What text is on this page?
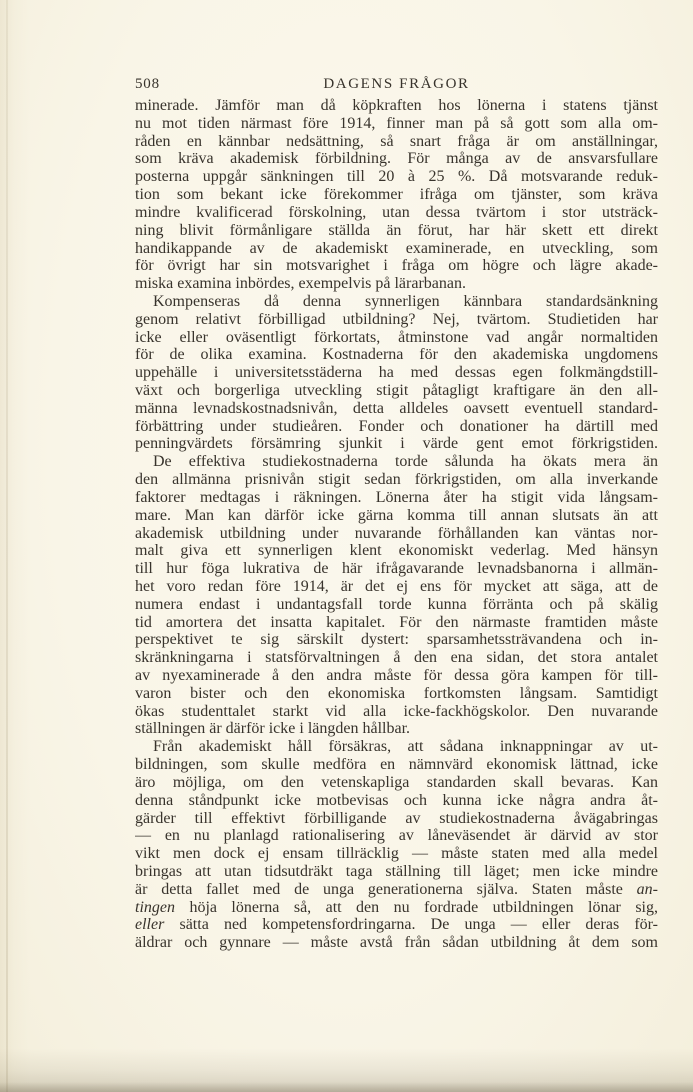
508	DAGENS FRÅGOR
minerade. Jämför man då köpkraften hos lönerna i statens tjänst
nu mot tiden närmast före 1914, finner man på så gott som alla om-
råden en kännbar nedsättning, så snart fråga är om anställningar,
som kräva akademisk förbildning. För många av de ansvarsfullare
posterna uppgår sänkningen till 20 à 25 %. Då motsvarande reduk-
tion som bekant icke förekommer ifråga om tjänster, som kräva
mindre kvalificerad förskolning, utan dessa tvärtom i stor utsträck-
ning blivit förmånligare ställda än förut, har här skett ett direkt
handikappande av de akademiskt examinerade, en utveckling, som
för övrigt har sin motsvarighet i fråga om högre och lägre akade-
miska examina inbördes, exempelvis på lärarbanan.
Kompenseras då denna synnerligen kännbara standardsänkning
genom relativt förbilligad utbildning? Nej, tvärtom. Studietiden har
icke eller oväsentligt förkortats, åtminstone vad angår normaltiden
för de olika examina. Kostnaderna för den akademiska ungdomens
uppehälle i universitetsstäderna ha med dessas egen folkmängdstill-
växt och borgerliga utveckling stigit påtagligt kraftigare än den all-
männa levnadskostnadsnivån, detta alldeles oavsett eventuell standard-
förbättring under studieåren. Fonder och donationer ha därtill med
penningvärdets försämring sjunkit i värde gent emot förkrigstiden.
De effektiva studiekostnaderna torde sålunda ha ökats mera än
den allmänna prisnivån stigit sedan förkrigstiden, om alla inverkande
faktorer medtagas i räkningen. Lönerna åter ha stigit vida långsam-
mare. Man kan därför icke gärna komma till annan slutsats än att
akademisk utbildning under nuvarande förhållanden kan väntas nor-
malt giva ett synnerligen klent ekonomiskt vederlag. Med hänsyn
till hur föga lukrativa de här ifrågavarande levnadsbanorna i allmän-
het voro redan före 1914, är det ej ens för mycket att säga, att de
numera endast i undantagsfall torde kunna förränta och på skälig
tid amortera det insatta kapitalet. För den närmaste framtiden måste
perspektivet te sig särskilt dystert: sparsamhetssträvandena och in-
skränkningarna i statsförvaltningen å den ena sidan, det stora antalet
av nyexaminerade å den andra måste för dessa göra kampen för till-
varon bister och den ekonomiska fortkomsten långsam. Samtidigt
ökas studenttalet starkt vid alla icke-fackhögskolor. Den nuvarande
ställningen är därför icke i längden hållbar.
Från akademiskt håll försäkras, att sådana inknappningar av ut-
bildningen, som skulle medföra en nämnvärd ekonomisk lättnad, icke
äro möjliga, om den vetenskapliga standarden skall bevaras. Kan
denna ståndpunkt icke motbevisas och kunna icke några andra åt-
gärder till effektivt förbilligande av studiekostnaderna åvägabringas
— en nu planlagd rationalisering av låneväsendet är därvid av stor
vikt men dock ej ensam tillräcklig — måste staten med alla medel
bringas att utan tidsutdräkt taga ställning till läget; men icke mindre
är detta fallet med de unga generationerna själva. Staten måste an-
tingen höja lönerna så, att den nu fordrade utbildningen lönar sig,
eller sätta ned kompetensfordringarna. De unga — eller deras för-
äldrar och gynnare — måste avstå från sådan utbildning åt dem som
